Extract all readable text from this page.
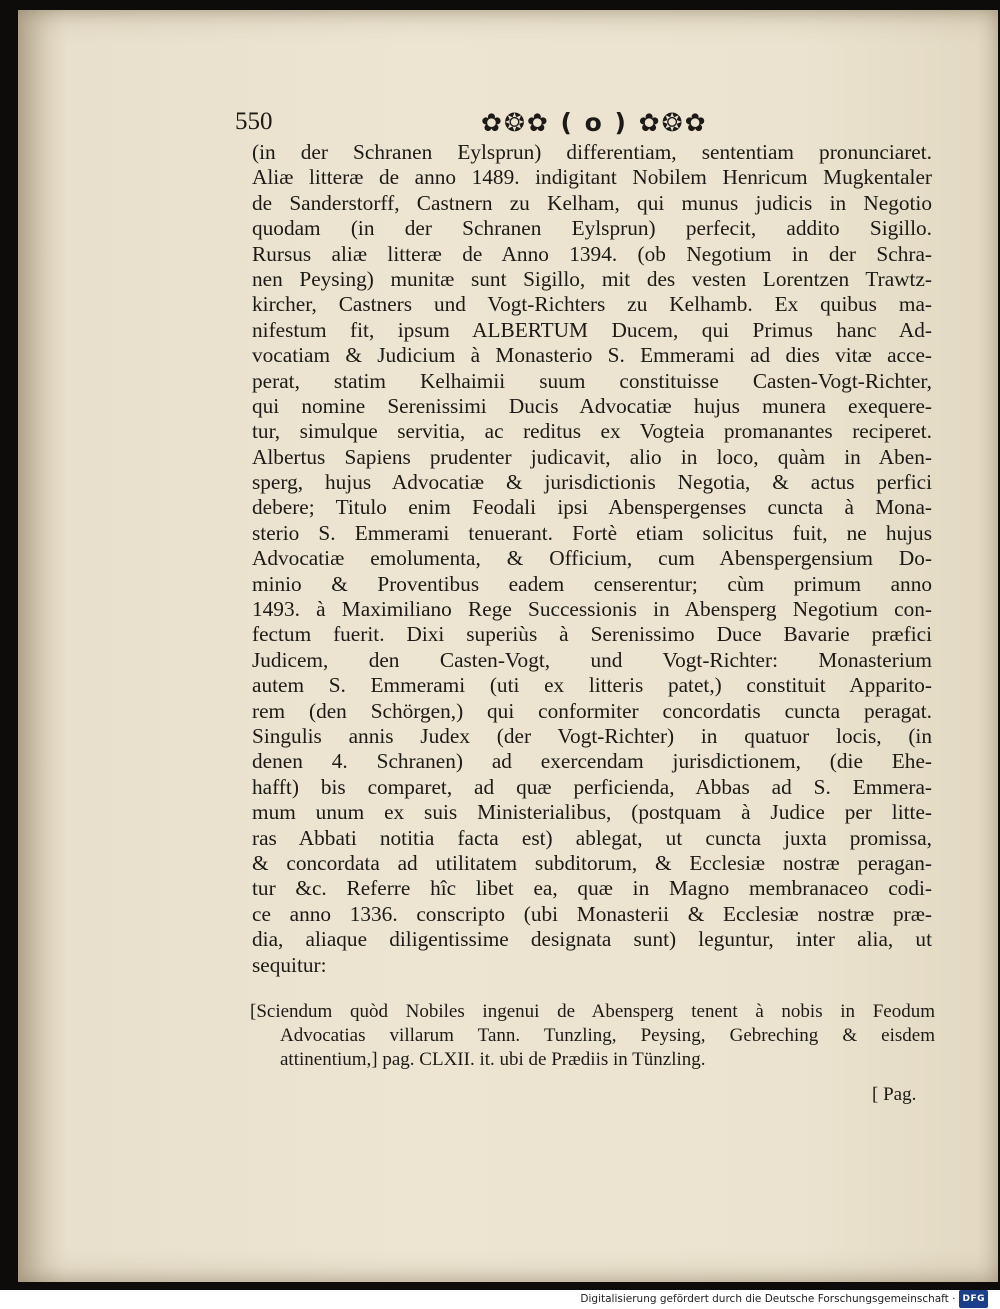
550	✿❂✿ ( o ) ✿❂✿
(in der Schranen Eylsprun) differentiam, sententiam pronunciaret.
Aliæ litteræ de anno 1489. indigitant Nobilem Henricum Mugkentaler
de Sanderstorff, Castnern zu Kelham, qui munus judicis in Negotio
quodam (in der Schranen Eylsprun) perfecit, addito Sigillo.
Rursus aliæ litteræ de Anno 1394. (ob Negotium in der Schra-
nen Peysing) munitæ sunt Sigillo, mit des vesten Lorentzen Trawtz-
kircher, Castners und Vogt-Richters zu Kelhamb. Ex quibus ma-
nifestum fit, ipsum ALBERTUM Ducem, qui Primus hanc Ad-
vocatiam & Judicium à Monasterio S. Emmerami ad dies vitæ acce-
perat, statim Kelhaimii suum constituisse Casten-Vogt-Richter,
qui nomine Serenissimi Ducis Advocatiæ hujus munera exequere-
tur, simulque servitia, ac reditus ex Vogteia promanantes reciperet.
Albertus Sapiens prudenter judicavit, alio in loco, quàm in Aben-
sperg, hujus Advocatiæ & jurisdictionis Negotia, & actus perfici
debere; Titulo enim Feodali ipsi Abenspergenses cuncta à Mona-
sterio S. Emmerami tenuerant. Fortè etiam solicitus fuit, ne hujus
Advocatiæ emolumenta, & Officium, cum Abenspergensium Do-
minio & Proventibus eadem censerentur; cùm primum anno
1493. à Maximiliano Rege Successionis in Abensperg Negotium con-
fectum fuerit. Dixi superiùs à Serenissimo Duce Bavarie præfici
Judicem, den Casten-Vogt, und Vogt-Richter: Monasterium
autem S. Emmerami (uti ex litteris patet,) constituit Apparito-
rem (den Schörgen,) qui conformiter concordatis cuncta peragat.
Singulis annis Judex (der Vogt-Richter) in quatuor locis, (in
denen 4. Schranen) ad exercendam jurisdictionem, (die Ehe-
hafft) bis comparet, ad quæ perficienda, Abbas ad S. Emmera-
mum unum ex suis Ministerialibus, (postquam à Judice per litte-
ras Abbati notitia facta est) ablegat, ut cuncta juxta promissa,
& concordata ad utilitatem subditorum, & Ecclesiæ nostræ peragan-
tur &c. Referre hîc libet ea, quæ in Magno membranaceo codi-
ce anno 1336. conscripto (ubi Monasterii & Ecclesiæ nostræ præ-
dia, aliaque diligentissime designata sunt) leguntur, inter alia, ut
sequitur:
[Sciendum quòd Nobiles ingenui de Abensperg tenent à nobis in Feodum
Advocatias villarum Tann. Tunzling, Peysing, Gebreching & eisdem
attinentium,] pag. CLXII. it. ubi de Prædiis in Tünzling.
[ Pag.
Digitalisierung gefördert durch die Deutsche Forschungsgemeinschaft · DFG
